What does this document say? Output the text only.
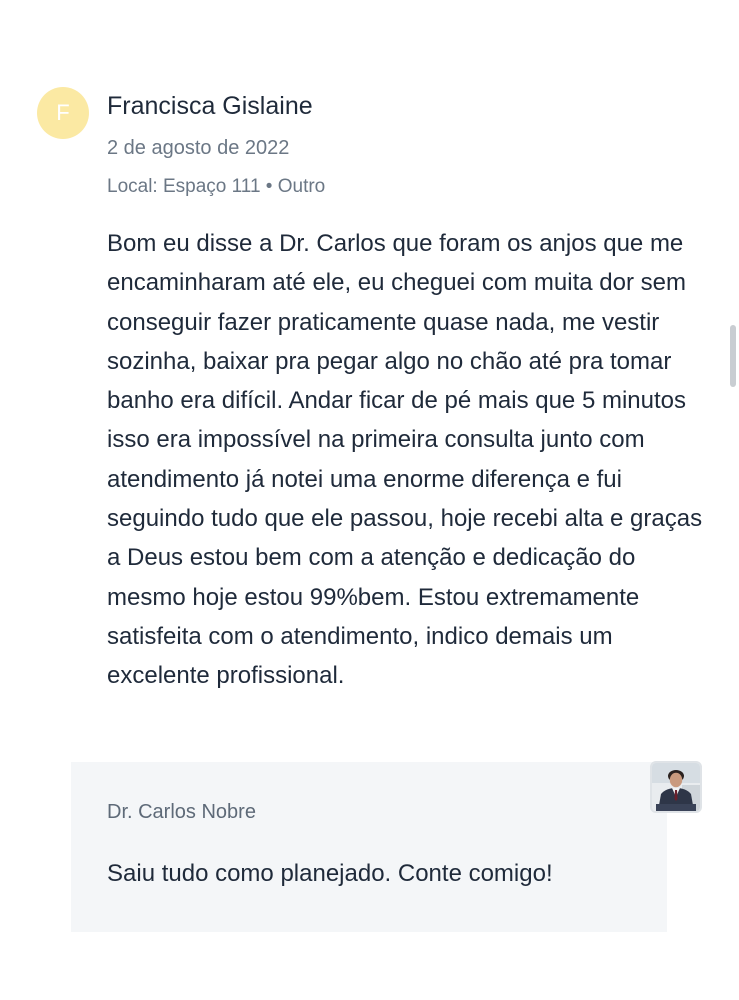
F Francisca Gislaine
2 de agosto de 2022
Local: Espaço 111 • Outro

Bom eu disse a Dr. Carlos que foram os anjos que me encaminharam até ele, eu cheguei com muita dor sem conseguir fazer praticamente quase nada, me vestir sozinha, baixar pra pegar algo no chão até pra tomar banho era difícil. Andar ficar de pé mais que 5 minutos isso era impossível na primeira consulta junto com atendimento já notei uma enorme diferença e fui seguindo tudo que ele passou, hoje recebi alta e graças a Deus estou bem com a atenção e dedicação do mesmo hoje estou 99%bem. Estou extremamente satisfeita com o atendimento, indico demais um excelente profissional.

Dr. Carlos Nobre
Saiu tudo como planejado. Conte comigo!
